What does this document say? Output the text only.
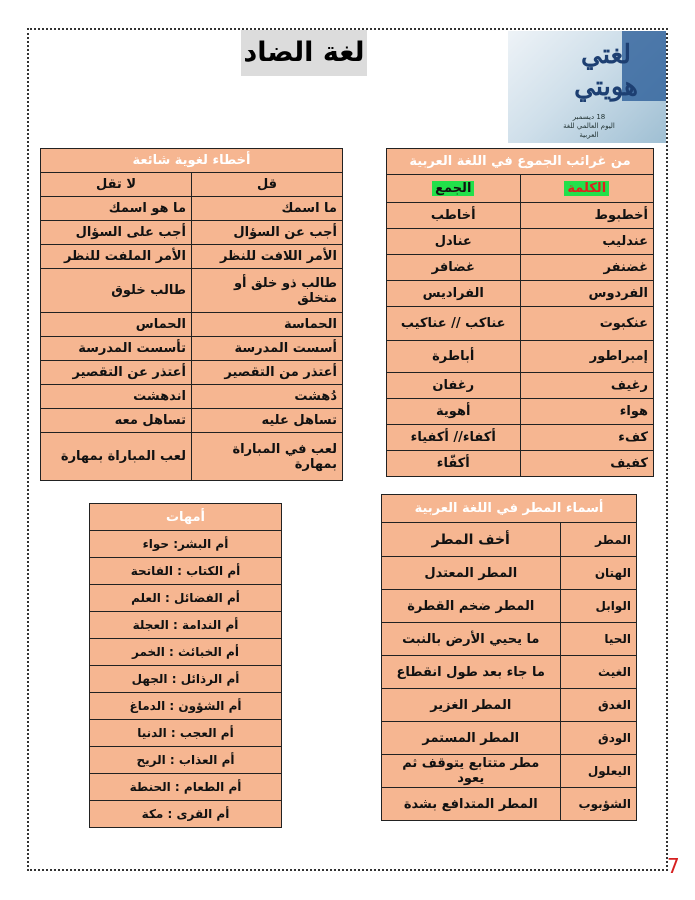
لغة الضاد	لغتي
هويتي
18 ديسمبر
اليوم العالمي للغة العربية
من غرائب الجموع في اللغة العربية	
الكلمة	الجمع
أخطبوط	أخاطب
عندليب	عنادل
غضنفر	غضافر
الفردوس	الفراديس
عنكبوت	عناكب // عناكيب
إمبراطور	أباطرة
رغيف	رغفان
هواء	أهوية
كفء	أكفاء// أكفياء
كفيف	أكفّاء
أخطاء لغوية شائعة	
قل	لا تقل
ما اسمك	ما هو اسمك
أجب عن السؤال	أجب على السؤال
الأمر اللافت للنظر	الأمر الملفت للنظر
طالب ذو خلق أو متخلق	طالب خلوق
الحماسة	الحماس
أسست المدرسة	تأسست المدرسة
أعتذر من التقصير	أعتذر عن التقصير
دُهشت	اندهشت
تساهل عليه	تساهل معه
لعب في المباراة بمهارة	لعب المباراة بمهارة
أسماء المطر في اللغة العربية	
المطر	أخف المطر
الهتان	المطر المعتدل
الوابل	المطر ضخم القطرة
الحيا	ما يحيي الأرض بالنبت
الغيث	ما جاء بعد طول انقطاع
الغدق	المطر الغزير
الودق	المطر المستمر
اليعلول	مطر متتابع يتوقف ثم يعود
الشؤبوب	المطر المتدافع بشدة
أمهات
أم البشر: حواء
أم الكتاب : الفاتحة
أم الفضائل : العلم
أم الندامة : العجلة
أم الخبائث : الخمر
أم الرذائل : الجهل
أم الشؤون : الدماغ
أم العجب : الدنيا
أم العذاب : الريح
أم الطعام : الحنطة
أم القرى : مكة
7
